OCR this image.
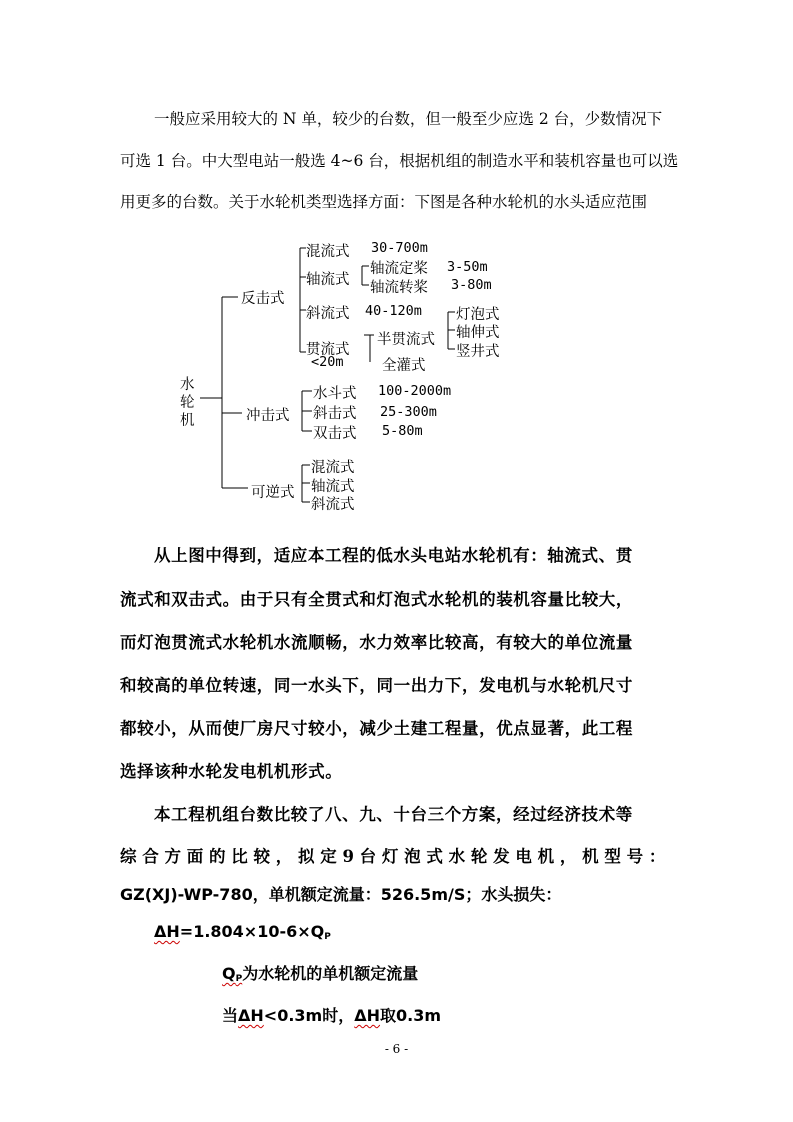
一般应采用较大的 N 单，较少的台数，但一般至少应选 2 台，少数情况下
可选 1 台。中大型电站一般选 4~6 台，根据机组的制造水平和装机容量也可以选
用更多的台数。关于水轮机类型选择方面：下图是各种水轮机的水头适应范围
水
轮
机
反击式
混流式 30-700m
轴流式
轴流定桨 3-50m
轴流转桨 3-80m
斜流式 40-120m
贯流式
<20m
半贯流式
全灌式
灯泡式
轴伸式
竖井式
冲击式
水斗式 100-2000m
斜击式 25-300m
双击式 5-80m
可逆式
混流式
轴流式
斜流式
从上图中得到，适应本工程的低水头电站水轮机有：轴流式、贯
流式和双击式。由于只有全贯式和灯泡式水轮机的装机容量比较大，
而灯泡贯流式水轮机水流顺畅，水力效率比较高，有较大的单位流量
和较高的单位转速，同一水头下，同一出力下，发电机与水轮机尺寸
都较小，从而使厂房尺寸较小，减少土建工程量，优点显著，此工程
选择该种水轮发电机机形式。
本工程机组台数比较了八、九、十台三个方案，经过经济技术等
综 合 方 面 的 比 较 ， 拟 定 9 台 灯 泡 式 水 轮 发 电 机 ， 机 型 号 ：
GZ(XJ)-WP-780，单机额定流量：526.5m/S；水头损失：
$\Delta H=1.804\times 10-6\times Q_P$
$Q_P$为水轮机的单机额定流量
当ΔH<0.3m时，ΔH取0.3m
- 6 -
